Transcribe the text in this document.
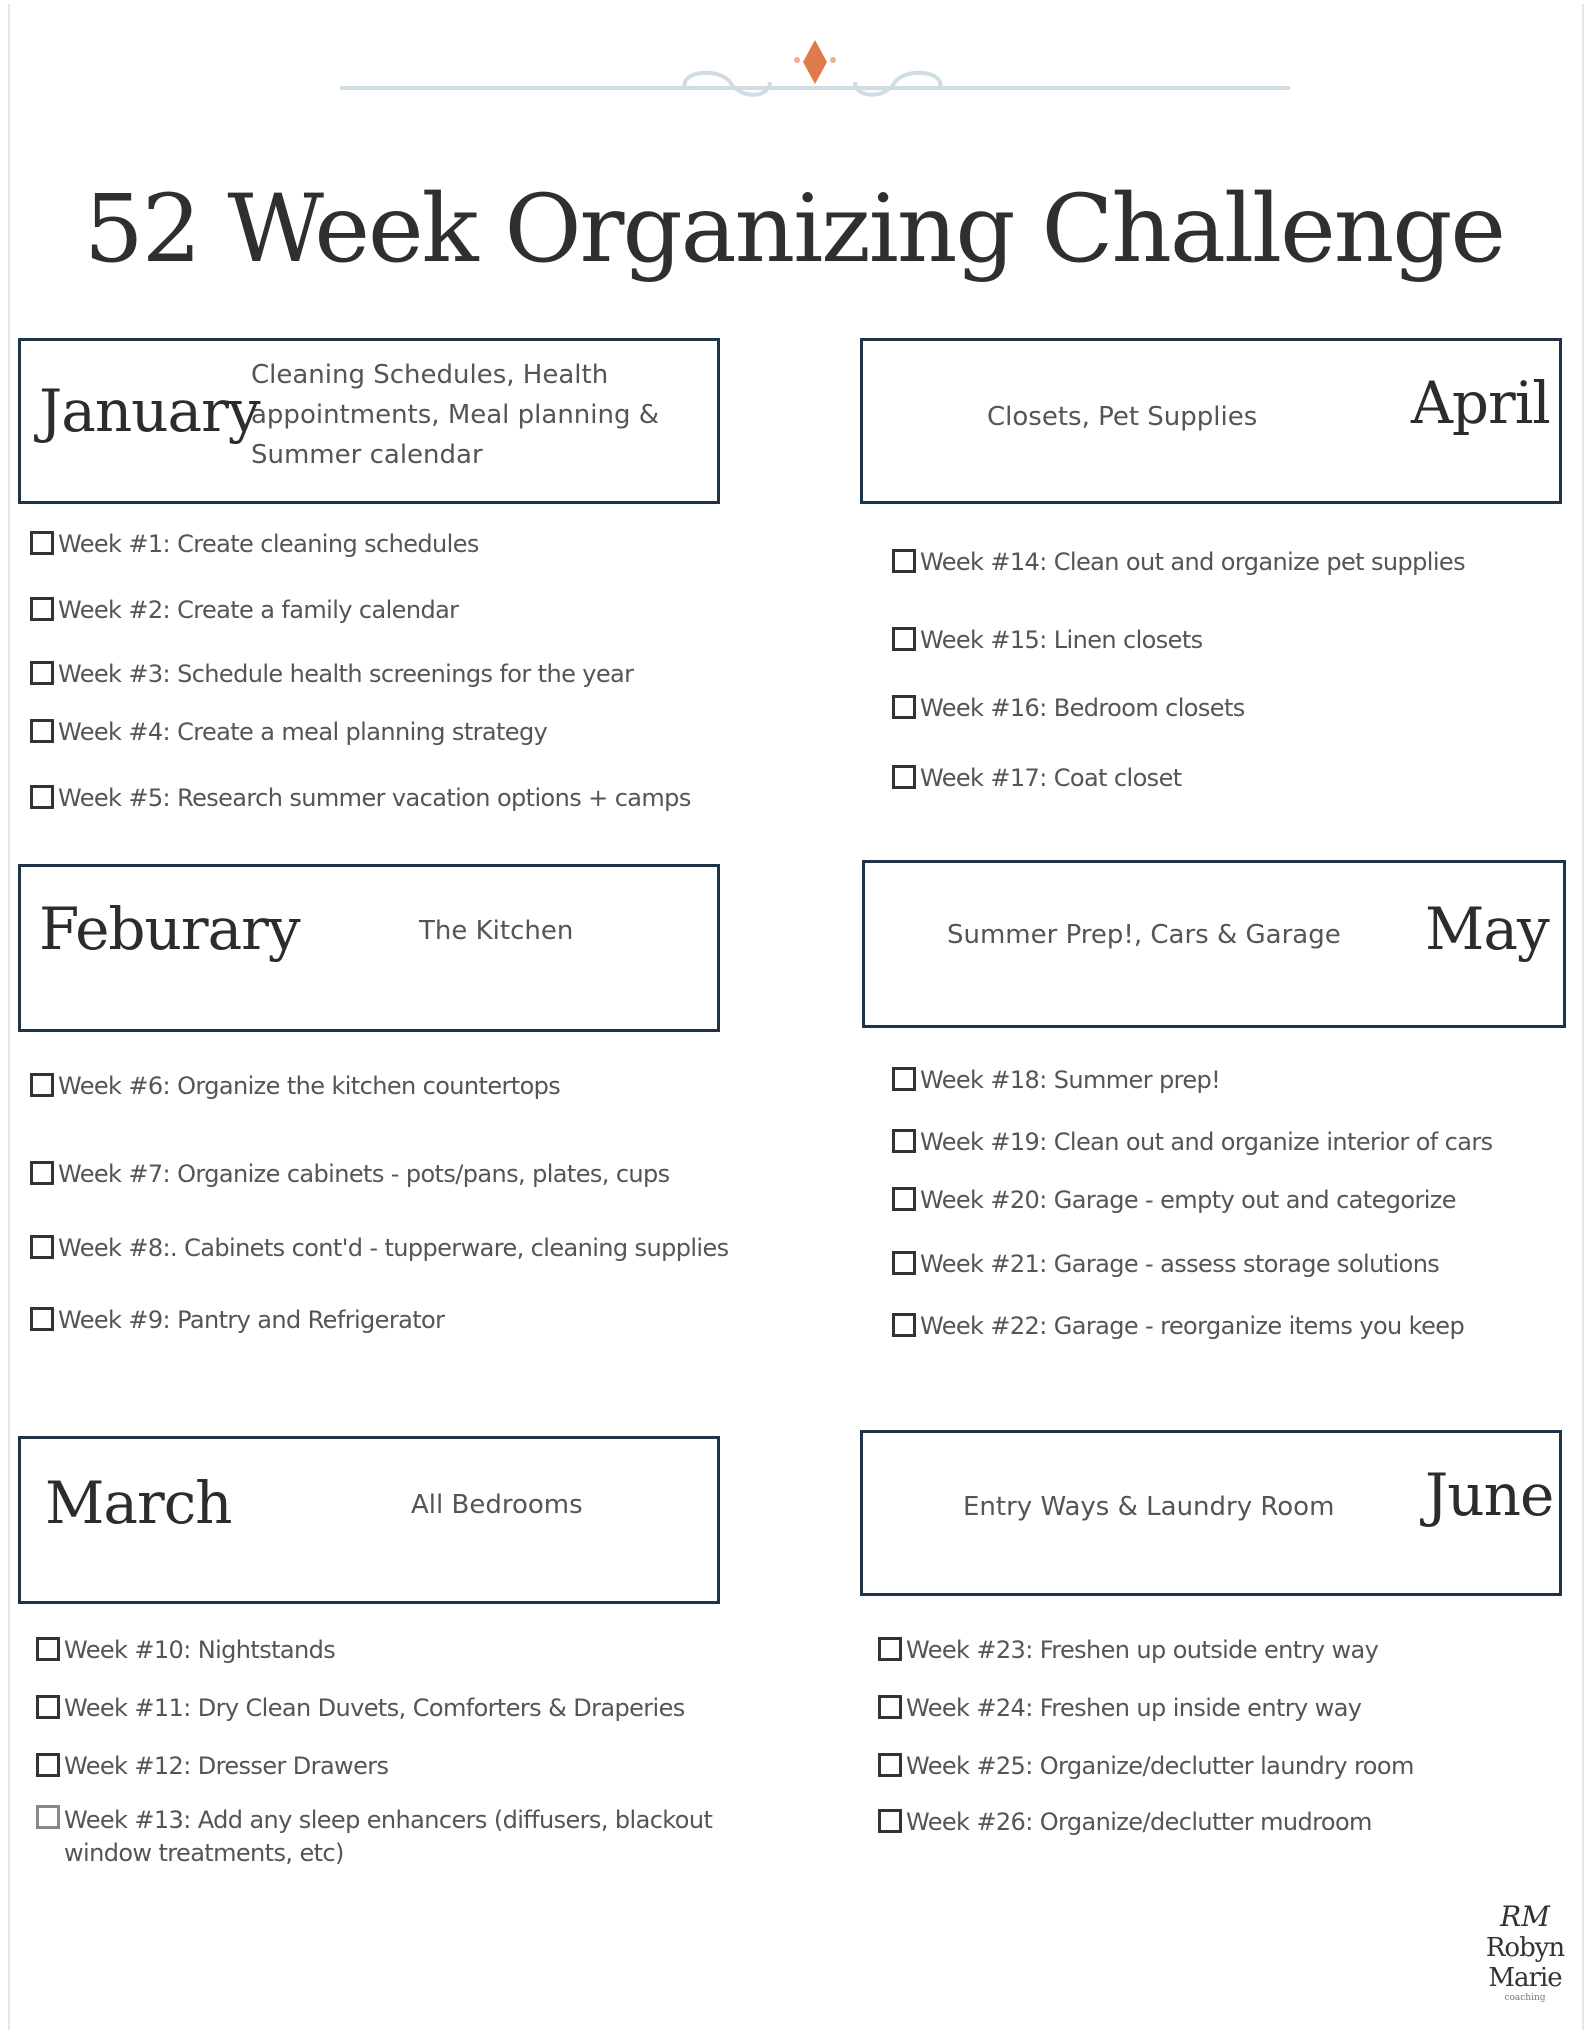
52 Week Organizing Challenge
January
Cleaning Schedules, Health appointments, Meal planning & Summer calendar
Week #1: Create cleaning schedules
Week #2: Create a family calendar
Week #3: Schedule health screenings for the year
Week #4: Create a meal planning strategy
Week #5: Research summer vacation options + camps
Feburary	The Kitchen
Week #6: Organize the kitchen countertops
Week #7: Organize cabinets - pots/pans, plates, cups
Week #8:. Cabinets cont'd - tupperware, cleaning supplies
Week #9: Pantry and Refrigerator
March	All Bedrooms
Week #10: Nightstands
Week #11: Dry Clean Duvets, Comforters & Draperies
Week #12: Dresser Drawers
Week #13: Add any sleep enhancers (diffusers, blackout window treatments, etc)
Closets, Pet Supplies	April
Week #14: Clean out and organize pet supplies
Week #15: Linen closets
Week #16: Bedroom closets
Week #17: Coat closet
Summer Prep!, Cars & Garage May
Week #18: Summer prep!
Week #19: Clean out and organize interior of cars
Week #20: Garage - empty out and categorize
Week #21: Garage - assess storage solutions
Week #22: Garage - reorganize items you keep
Entry Ways & Laundry Room June
Week #23: Freshen up outside entry way
Week #24: Freshen up inside entry way
Week #25: Organize/declutter laundry room
Week #26: Organize/declutter mudroom
RM
Robyn
Marie
coaching
